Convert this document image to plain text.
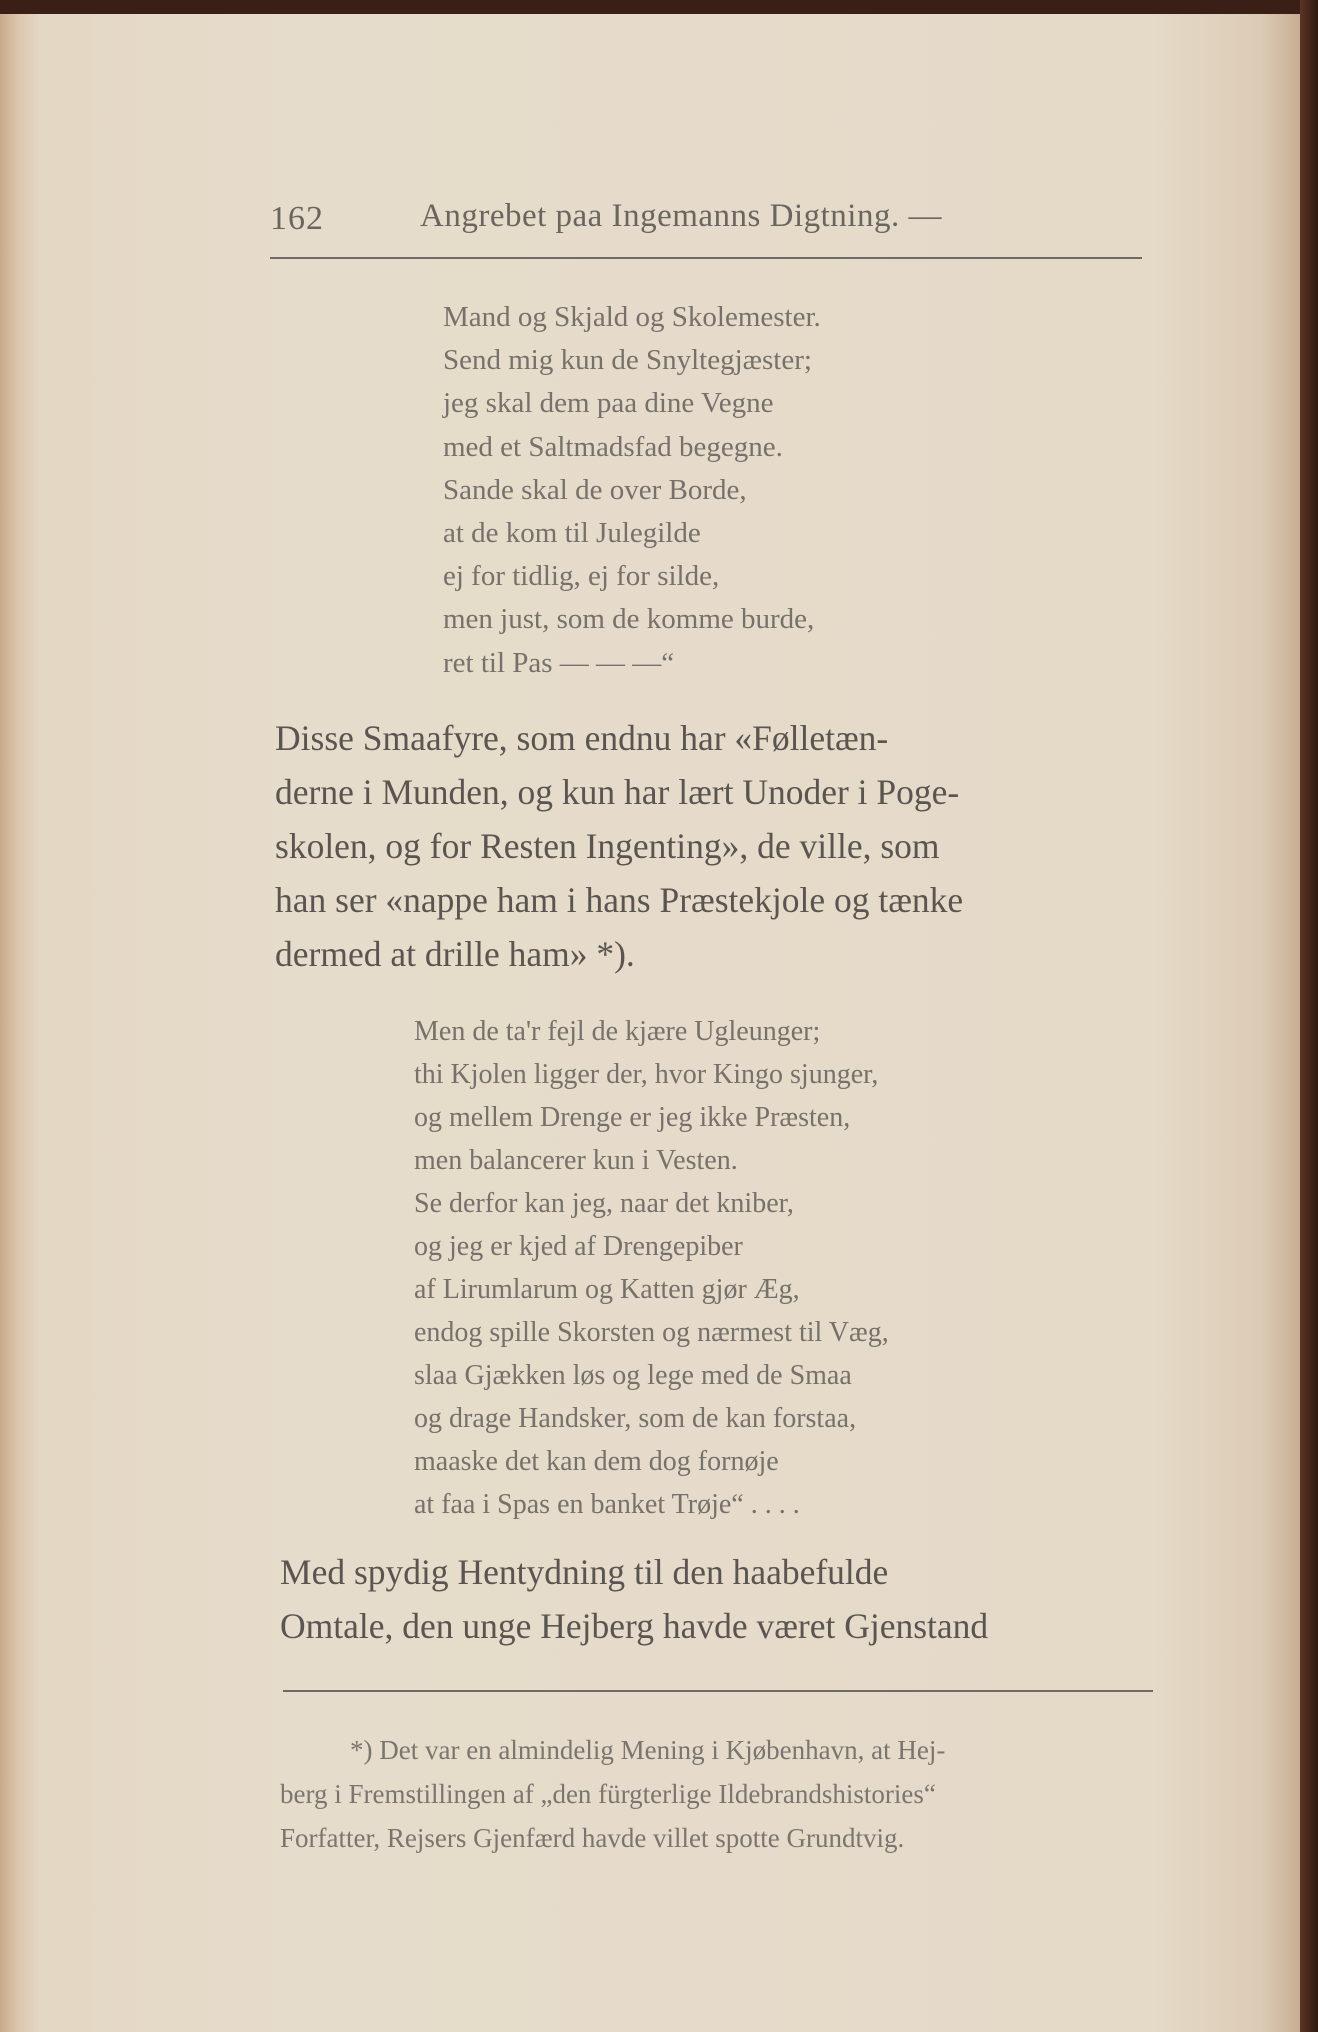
162	Angrebet paa Ingemanns Digtning. —
Mand og Skjald og Skolemester.
Send mig kun de Snyltegjæster;
jeg skal dem paa dine Vegne
med et Saltmadsfad begegne.
Sande skal de over Borde,
at de kom til Julegilde
ej for tidlig, ej for silde,
men just, som de komme burde,
ret til Pas — — —“
Disse Smaafyre, som endnu har «Følletæn-
derne i Munden, og kun har lært Unoder i Poge-
skolen, og for Resten Ingenting», de ville, som
han ser «nappe ham i hans Præstekjole og tænke
dermed at drille ham» *).
Men de ta'r fejl de kjære Ugleunger;
thi Kjolen ligger der, hvor Kingo sjunger,
og mellem Drenge er jeg ikke Præsten,
men balancerer kun i Vesten.
Se derfor kan jeg, naar det kniber,
og jeg er kjed af Drengepiber
af Lirumlarum og Katten gjør Æg,
endog spille Skorsten og nærmest til Væg,
slaa Gjækken løs og lege med de Smaa
og drage Handsker, som de kan forstaa,
maaske det kan dem dog fornøje
at faa i Spas en banket Trøje“ . . . .
Med spydig Hentydning til den haabefulde
Omtale, den unge Hejberg havde været Gjenstand
*) Det var en almindelig Mening i Kjøbenhavn, at Hej-
berg i Fremstillingen af „den fürgterlige Ildebrandshistories“
Forfatter, Rejsers Gjenfærd havde villet spotte Grundtvig.
